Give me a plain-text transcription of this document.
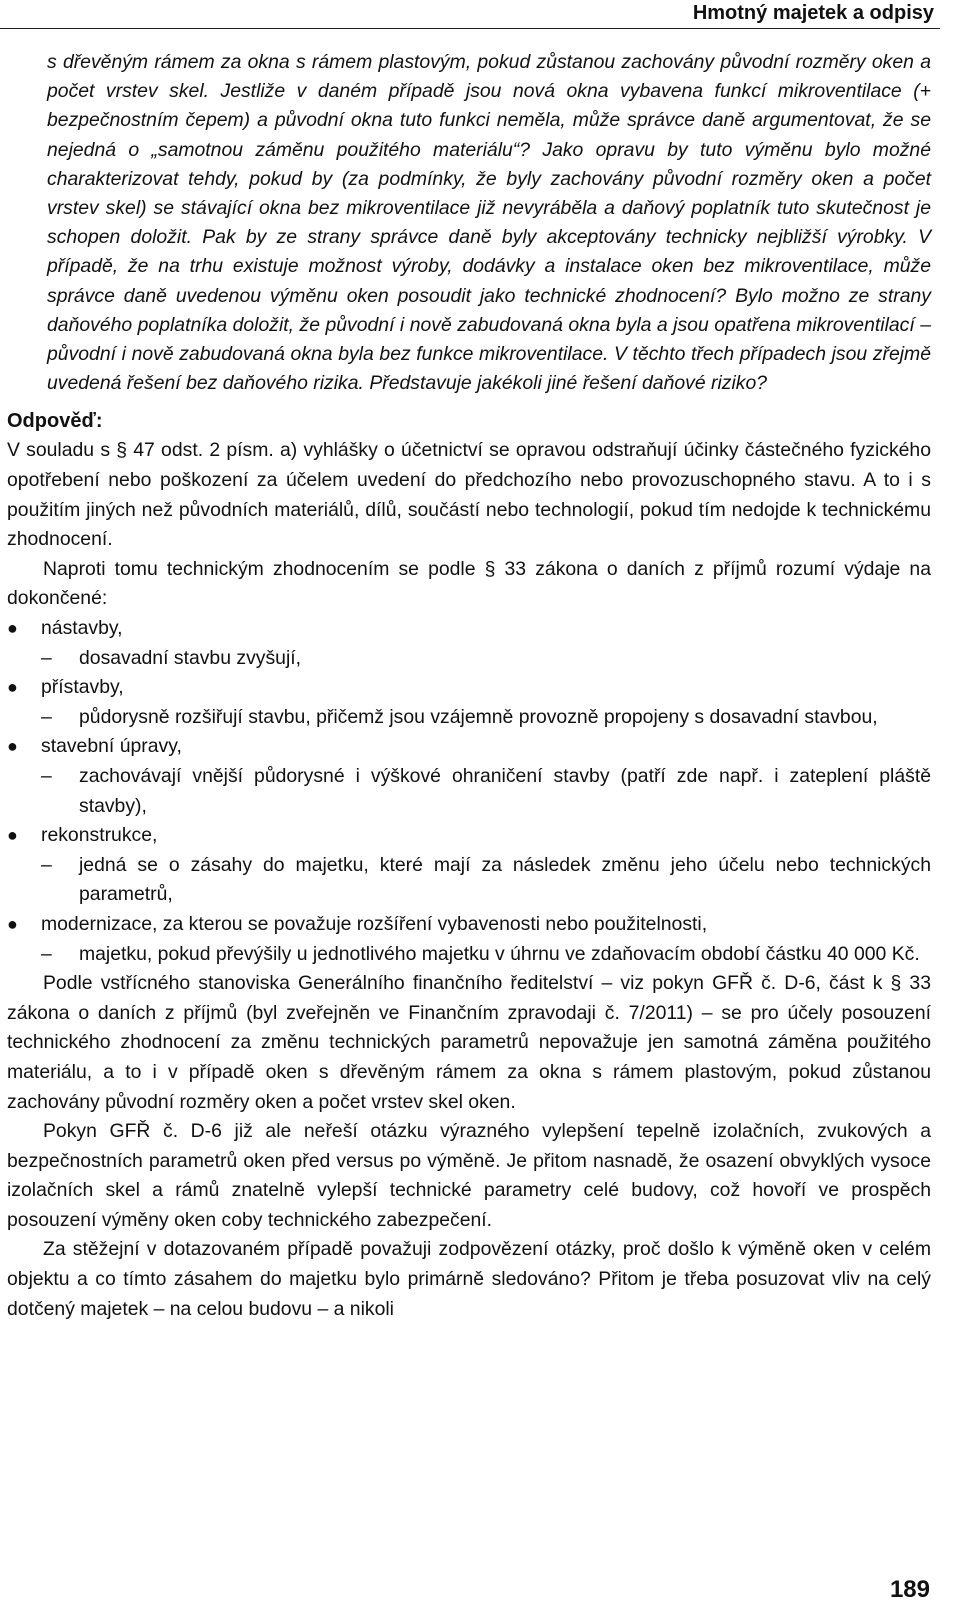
Hmotný majetek a odpisy

s dřevěným rámem za okna s rámem plastovým, pokud zůstanou zachovány původní rozměry oken a počet vrstev skel. Jestliže v daném případě jsou nová okna vybavena funkcí mikroventilace (+ bezpečnostním čepem) a původní okna tuto funkci neměla, může správce daně argumentovat, že se nejedná o „samotnou záměnu použitého materiálu“? Jako opravu by tuto výměnu bylo možné charakterizovat tehdy, pokud by (za podmínky, že byly zachovány původní rozměry oken a počet vrstev skel) se stávající okna bez mikroventilace již nevyráběla a daňový poplatník tuto skutečnost je schopen doložit. Pak by ze strany správce daně byly akceptovány technicky nejbližší výrobky. V případě, že na trhu existuje možnost výroby, dodávky a instalace oken bez mikroventilace, může správce daně uvedenou výměnu oken posoudit jako technické zhodnocení? Bylo možno ze strany daňového poplatníka doložit, že původní i nově zabudovaná okna byla a jsou opatřena mikroventilací – původní i nově zabudovaná okna byla bez funkce mikroventilace. V těchto třech případech jsou zřejmě uvedená řešení bez daňového rizika. Představuje jakékoli jiné řešení daňové riziko?

Odpověď:

V souladu s § 47 odst. 2 písm. a) vyhlášky o účetnictví se opravou odstraňují účinky částečného fyzického opotřebení nebo poškození za účelem uvedení do předchozího nebo provozuschopného stavu. A to i s použitím jiných než původních materiálů, dílů, součástí nebo technologií, pokud tím nedojde k technickému zhodnocení.

Naproti tomu technickým zhodnocením se podle § 33 zákona o daních z příjmů rozumí výdaje na dokončené:

● nástavby,
– dosavadní stavbu zvyšují,
● přístavby,
– půdorysně rozšiřují stavbu, přičemž jsou vzájemně provozně propojeny s dosavadní stavbou,
● stavební úpravy,
– zachovávají vnější půdorysné i výškové ohraničení stavby (patří zde např. i zateplení pláště stavby),
● rekonstrukce,
– jedná se o zásahy do majetku, které mají za následek změnu jeho účelu nebo technických parametrů,
● modernizace, za kterou se považuje rozšíření vybavenosti nebo použitelnosti,
– majetku, pokud převýšily u jednotlivého majetku v úhrnu ve zdaňovacím období částku 40 000 Kč.

Podle vstřícného stanoviska Generálního finančního ředitelství – viz pokyn GFŘ č. D-6, část k § 33 zákona o daních z příjmů (byl zveřejněn ve Finančním zpravodaji č. 7/2011) – se pro účely posouzení technického zhodnocení za změnu technických parametrů nepovažuje jen samotná záměna použitého materiálu, a to i v případě oken s dřevěným rámem za okna s rámem plastovým, pokud zůstanou zachovány původní rozměry oken a počet vrstev skel oken.

Pokyn GFŘ č. D-6 již ale neřeší otázku výrazného vylepšení tepelně izolačních, zvukových a bezpečnostních parametrů oken před versus po výměně. Je přitom nasnadě, že osazení obvyklých vysoce izolačních skel a rámů znatelně vylepší technické parametry celé budovy, což hovoří ve prospěch posouzení výměny oken coby technického zabezpečení.

Za stěžejní v dotazovaném případě považuji zodpovězení otázky, proč došlo k výměně oken v celém objektu a co tímto zásahem do majetku bylo primárně sledováno? Přitom je třeba posuzovat vliv na celý dotčený majetek – na celou budovu – a nikoli

189
